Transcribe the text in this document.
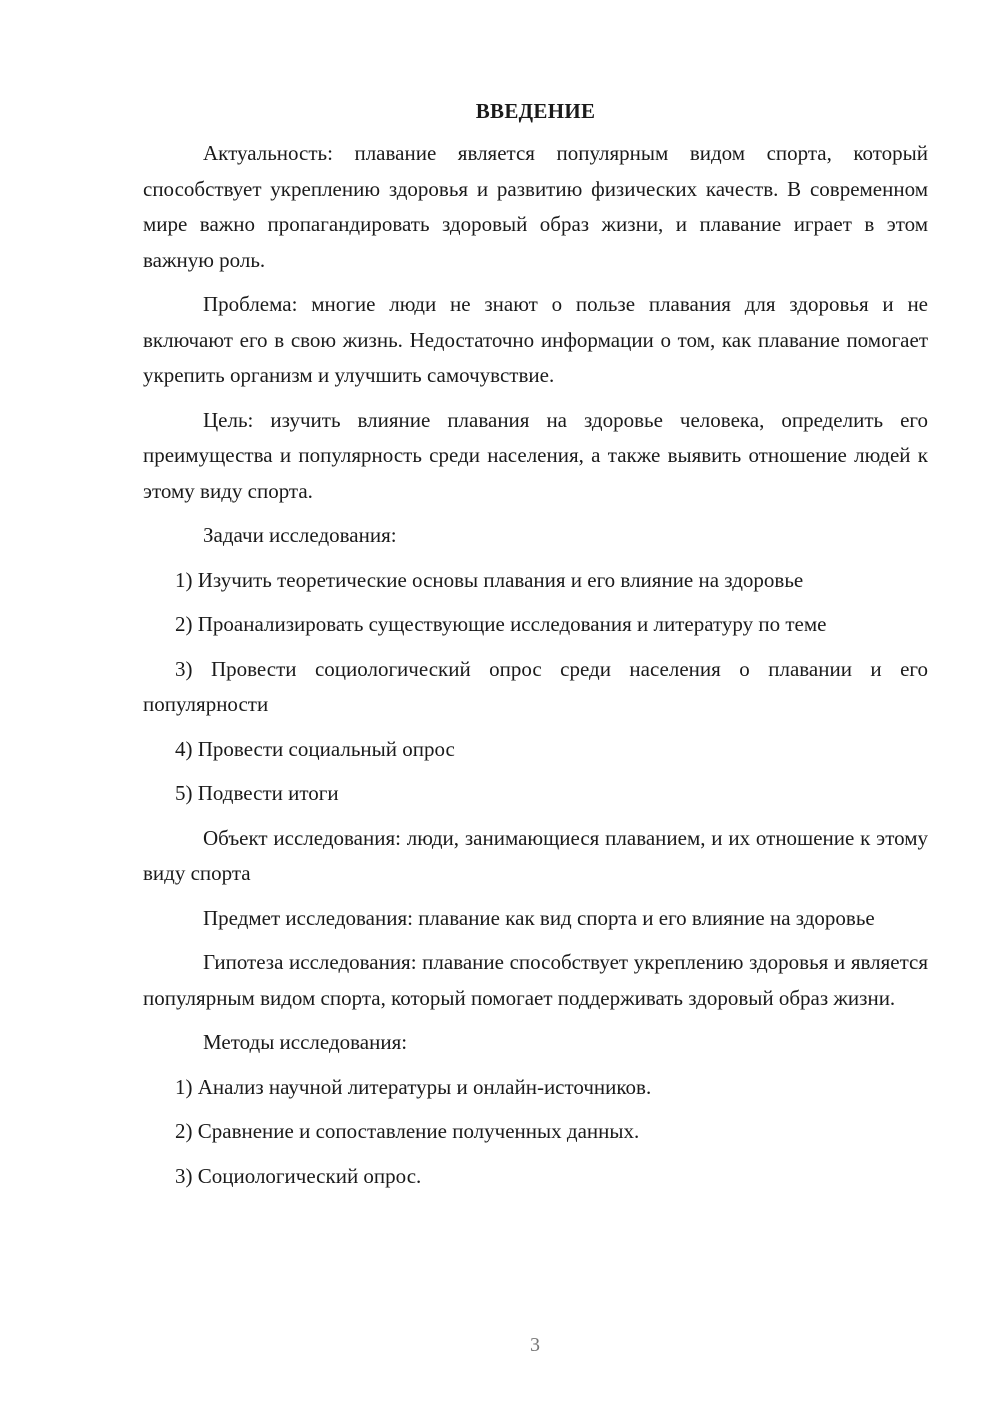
ВВЕДЕНИЕ

Актуальность: плавание является популярным видом спорта, который способствует укреплению здоровья и развитию физических качеств. В современном мире важно пропагандировать здоровый образ жизни, и плавание играет в этом важную роль.

Проблема: многие люди не знают о пользе плавания для здоровья и не включают его в свою жизнь. Недостаточно информации о том, как плавание помогает укрепить организм и улучшить самочувствие.

Цель: изучить влияние плавания на здоровье человека, определить его преимущества и популярность среди населения, а также выявить отношение людей к этому виду спорта.

Задачи исследования:

1) Изучить теоретические основы плавания и его влияние на здоровье

2) Проанализировать существующие исследования и литературу по теме

3) Провести социологический опрос среди населения о плавании и его популярности

4) Провести социальный опрос

5) Подвести итоги

Объект исследования: люди, занимающиеся плаванием, и их отношение к этому виду спорта

Предмет исследования: плавание как вид спорта и его влияние на здоровье

Гипотеза исследования: плавание способствует укреплению здоровья и является популярным видом спорта, который помогает поддерживать здоровый образ жизни.

Методы исследования:

1) Анализ научной литературы и онлайн-источников.

2) Сравнение и сопоставление полученных данных.

3) Социологический опрос.

3
